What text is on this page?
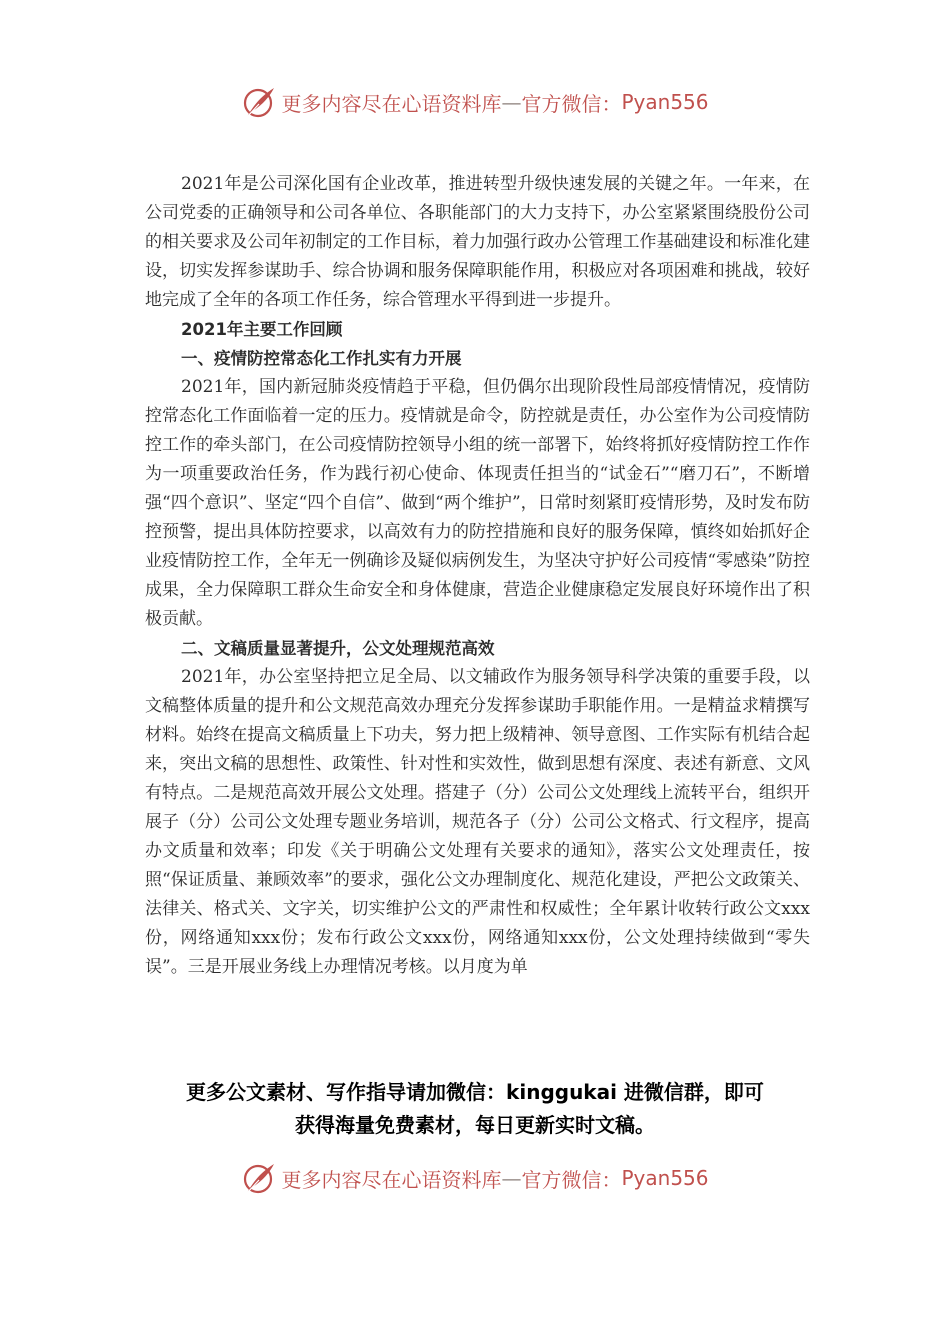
更多内容尽在心语资料库 — 官方微信： Pyan556

2021年是公司深化国有企业改革，推进转型升级快速发展的关键之年。一年来，在公司党委的正确领导和公司各单位、各职能部门的大力支持下，办公室紧紧围绕股份公司的相关要求及公司年初制定的工作目标，着力加强行政办公管理工作基础建设和标准化建设，切实发挥参谋助手、综合协调和服务保障职能作用，积极应对各项困难和挑战，较好地完成了全年的各项工作任务，综合管理水平得到进一步提升。

2021年主要工作回顾

一、疫情防控常态化工作扎实有力开展

2021年，国内新冠肺炎疫情趋于平稳，但仍偶尔出现阶段性局部疫情情况，疫情防控常态化工作面临着一定的压力。疫情就是命令，防控就是责任，办公室作为公司疫情防控工作的牵头部门，在公司疫情防控领导小组的统一部署下，始终将抓好疫情防控工作作为一项重要政治任务，作为践行初心使命、体现责任担当的“试金石”“磨刀石”，不断增强“四个意识”、坚定“四个自信”、做到“两个维护”，日常时刻紧盯疫情形势，及时发布防控预警，提出具体防控要求，以高效有力的防控措施和良好的服务保障，慎终如始抓好企业疫情防控工作，全年无一例确诊及疑似病例发生，为坚决守护好公司疫情“零感染”防控成果，全力保障职工群众生命安全和身体健康，营造企业健康稳定发展良好环境作出了积极贡献。

二、文稿质量显著提升，公文处理规范高效

2021年，办公室坚持把立足全局、以文辅政作为服务领导科学决策的重要手段，以文稿整体质量的提升和公文规范高效办理充分发挥参谋助手职能作用。一是精益求精撰写材料。始终在提高文稿质量上下功夫，努力把上级精神、领导意图、工作实际有机结合起来，突出文稿的思想性、政策性、针对性和实效性，做到思想有深度、表述有新意、文风有特点。二是规范高效开展公文处理。搭建子（分）公司公文处理线上流转平台，组织开展子（分）公司公文处理专题业务培训，规范各子（分）公司公文格式、行文程序，提高办文质量和效率；印发《关于明确公文处理有关要求的通知》，落实公文处理责任，按照“保证质量、兼顾效率”的要求，强化公文办理制度化、规范化建设，严把公文政策关、法律关、格式关、文字关，切实维护公文的严肃性和权威性；全年累计收转行政公文xxx份，网络通知xxx份；发布行政公文xxx份，网络通知xxx份，公文处理持续做到“零失误”。三是开展业务线上办理情况考核。以月度为单

更多公文素材、写作指导请加微信：kinggukai 进微信群，即可
获得海量免费素材，每日更新实时文稿。
更多内容尽在心语资料库 — 官方微信： Pyan556
